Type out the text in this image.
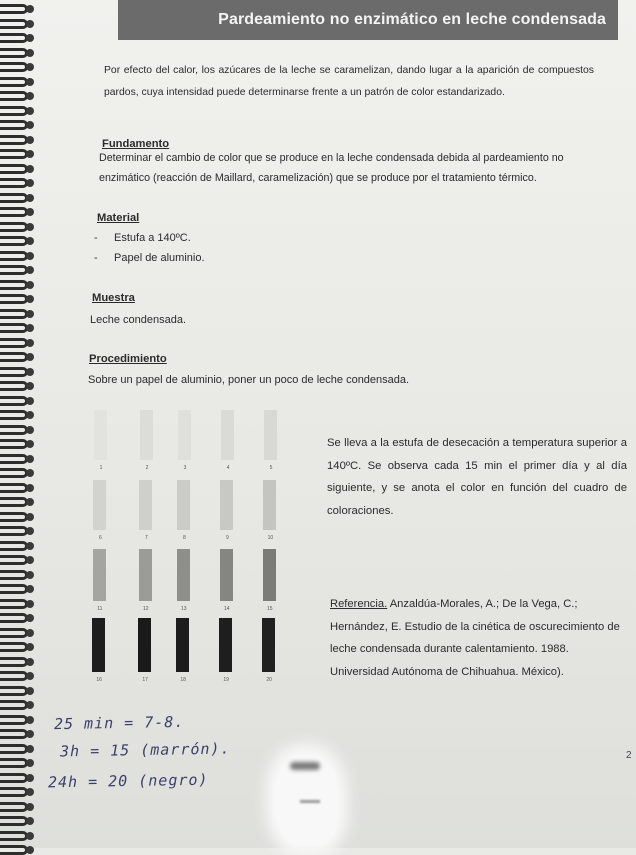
Pardeamiento no enzimático en leche condensada
Por efecto del calor, los azúcares de la leche se caramelizan, dando lugar a la aparición de compuestos pardos, cuya intensidad puede determinarse frente a un patrón de color estandarizado.
Fundamento
Determinar el cambio de color que se produce en la leche condensada debida al pardeamiento no enzimático (reacción de Maillard, caramelización) que se produce por el tratamiento térmico.
Material
-	Estufa a 140ºC.
-	Papel de aluminio.
Muestra
Leche condensada.
Procedimiento
Sobre un papel de aluminio, poner un poco de leche condensada.
1	2	3	4	5
6	7	8	9	10
11	12	13	14	15
16	17	18	19	20
Se lleva a la estufa de desecación a temperatura superior a 140ºC. Se observa cada 15 min el primer día y al día siguiente, y se anota el color en función del cuadro de coloraciones.
Referencia. Anzaldúa-Morales, A.; De la Vega, C.; Hernández, E. Estudio de la cinética de oscurecimiento de leche condensada durante calentamiento. 1988. Universidad Autónoma de Chihuahua. México).
25 min = 7-8.
3h = 15 (marrón).
24h = 20 (negro)
2
